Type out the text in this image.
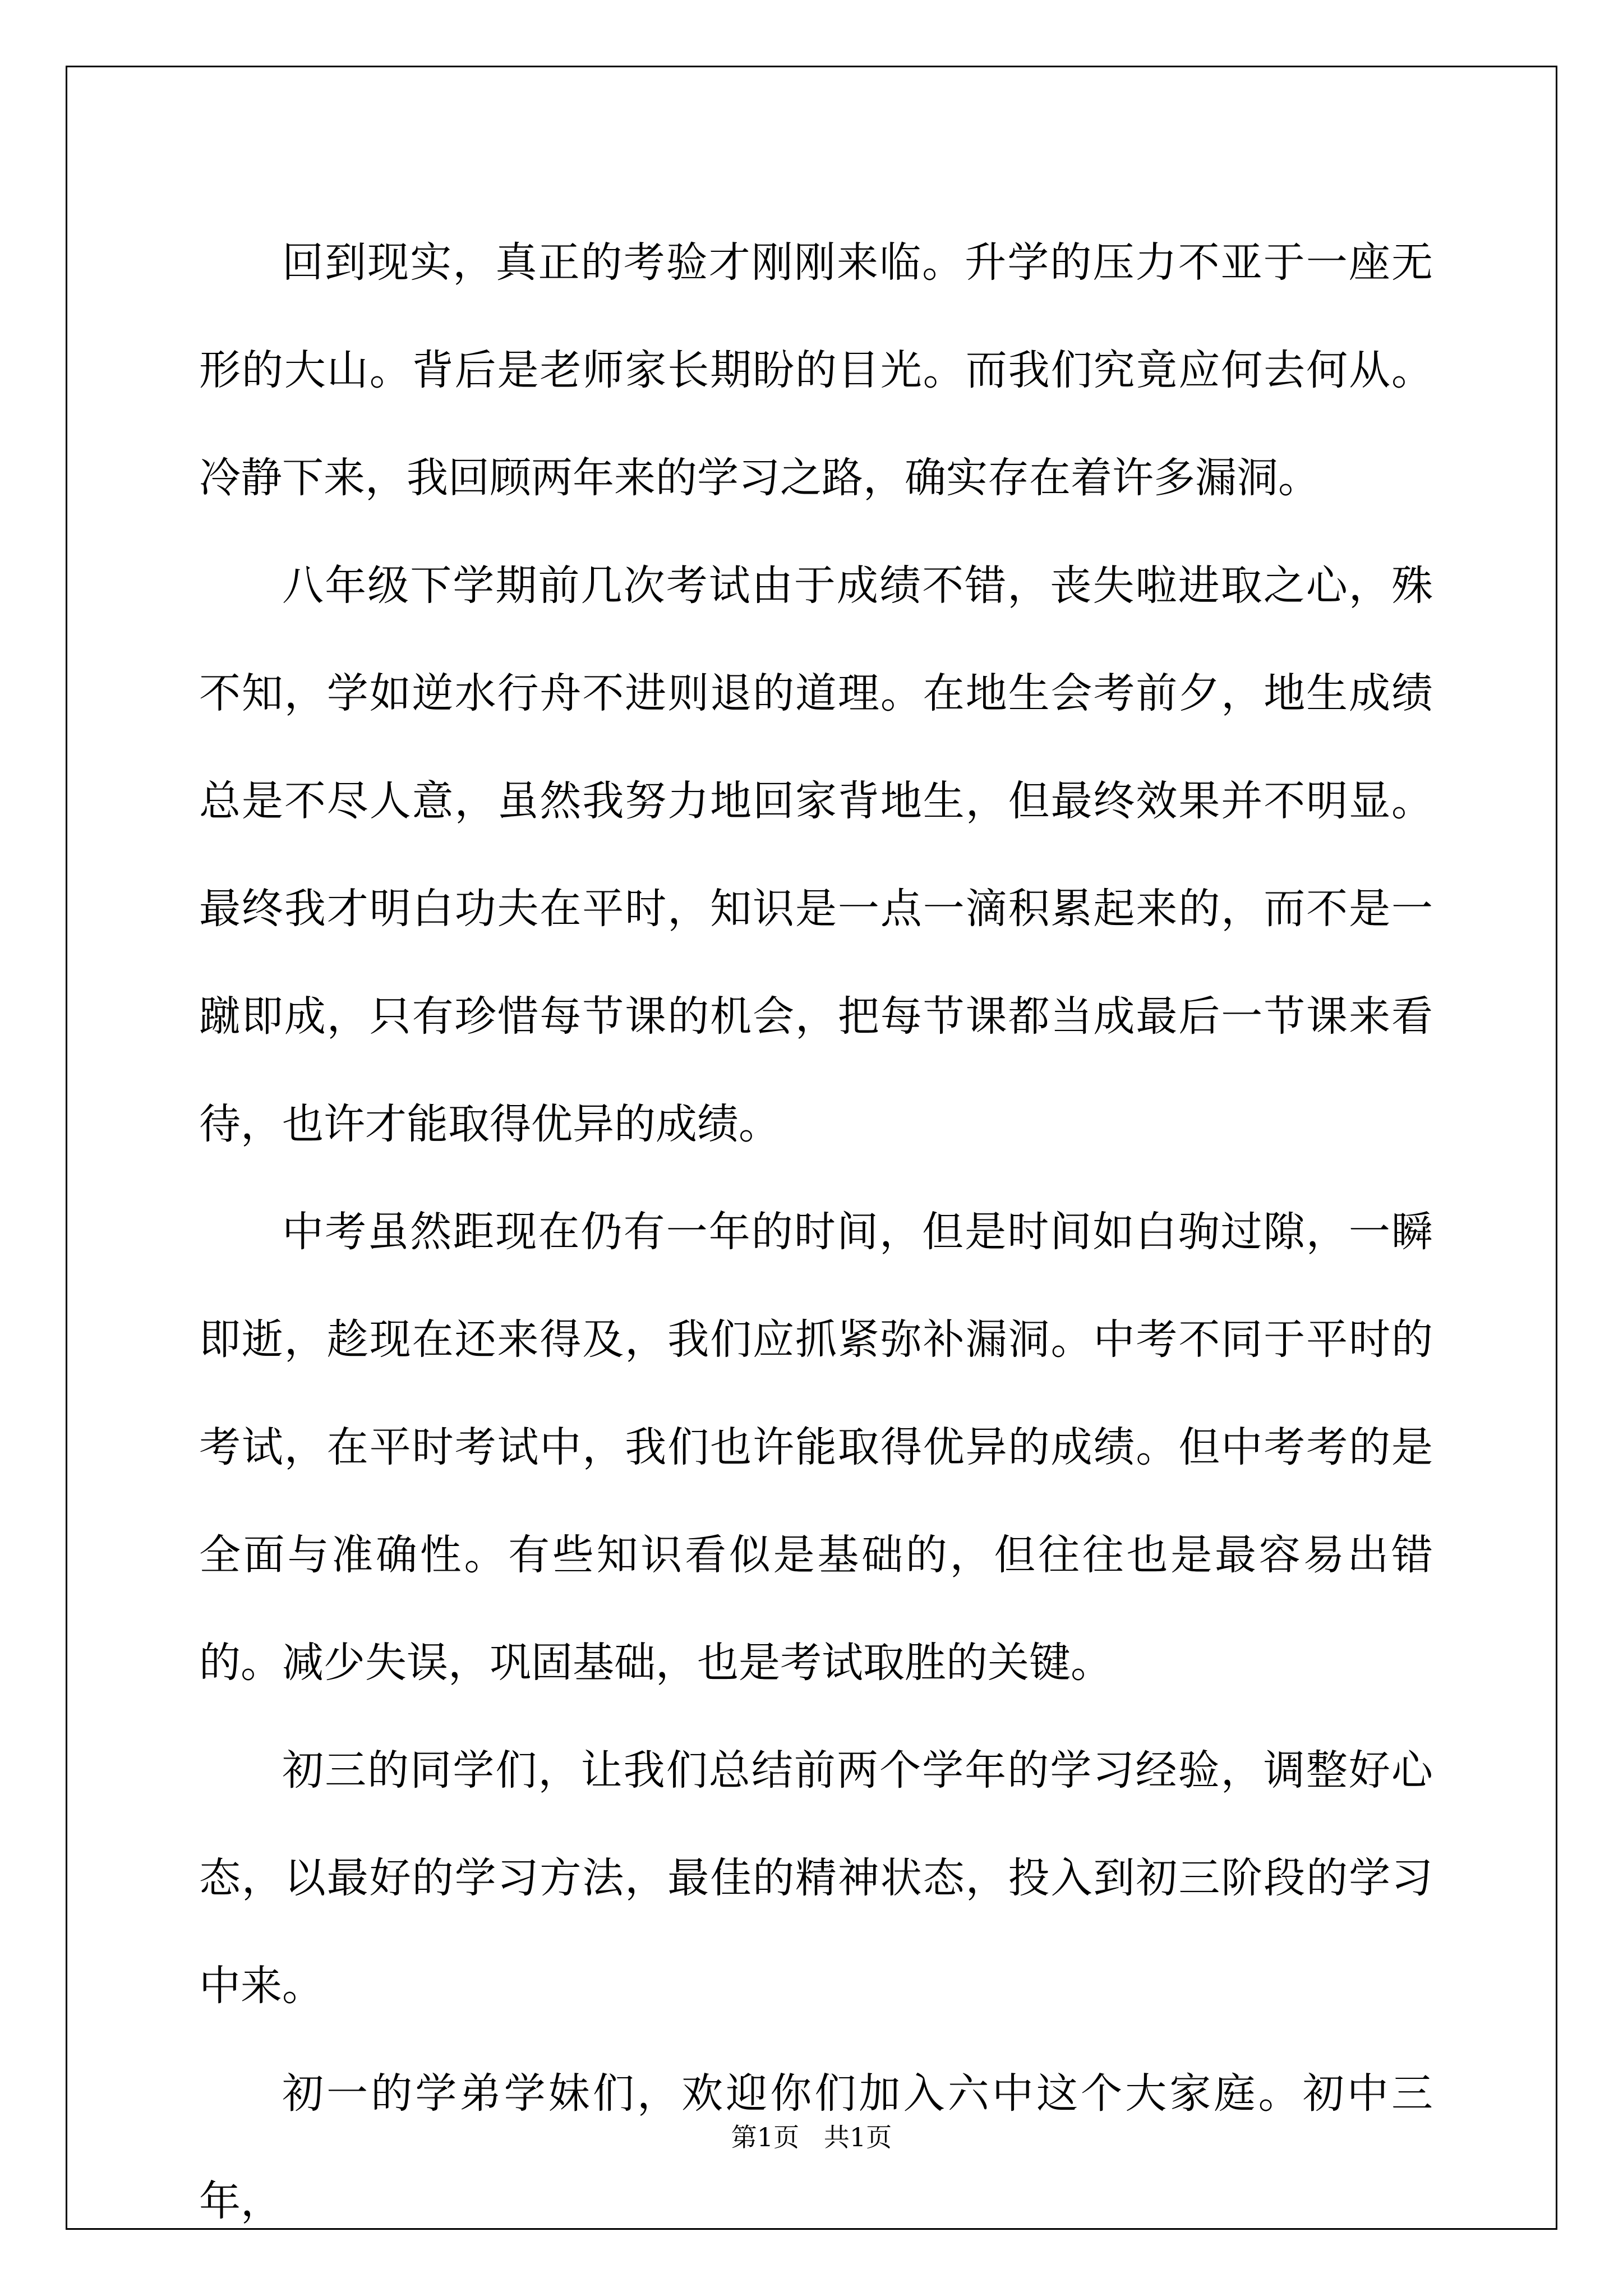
回到现实，真正的考验才刚刚来临。升学的压力不亚于一座无形的大山。背后是老师家长期盼的目光。而我们究竟应何去何从。冷静下来，我回顾两年来的学习之路，确实存在着许多漏洞。

八年级下学期前几次考试由于成绩不错，丧失啦进取之心，殊不知，学如逆水行舟不进则退的道理。在地生会考前夕，地生成绩总是不尽人意，虽然我努力地回家背地生，但最终效果并不明显。最终我才明白功夫在平时，知识是一点一滴积累起来的，而不是一蹴即成，只有珍惜每节课的机会，把每节课都当成最后一节课来看待，也许才能取得优异的成绩。

中考虽然距现在仍有一年的时间，但是时间如白驹过隙，一瞬即逝，趁现在还来得及，我们应抓紧弥补漏洞。中考不同于平时的考试，在平时考试中，我们也许能取得优异的成绩。但中考考的是全面与准确性。有些知识看似是基础的，但往往也是最容易出错的。减少失误，巩固基础，也是考试取胜的关键。

初三的同学们，让我们总结前两个学年的学习经验，调整好心态，以最好的学习方法，最佳的精神状态，投入到初三阶段的学习中来。

初一的学弟学妹们，欢迎你们加入六中这个大家庭。初中三年，

第1页   共1页
